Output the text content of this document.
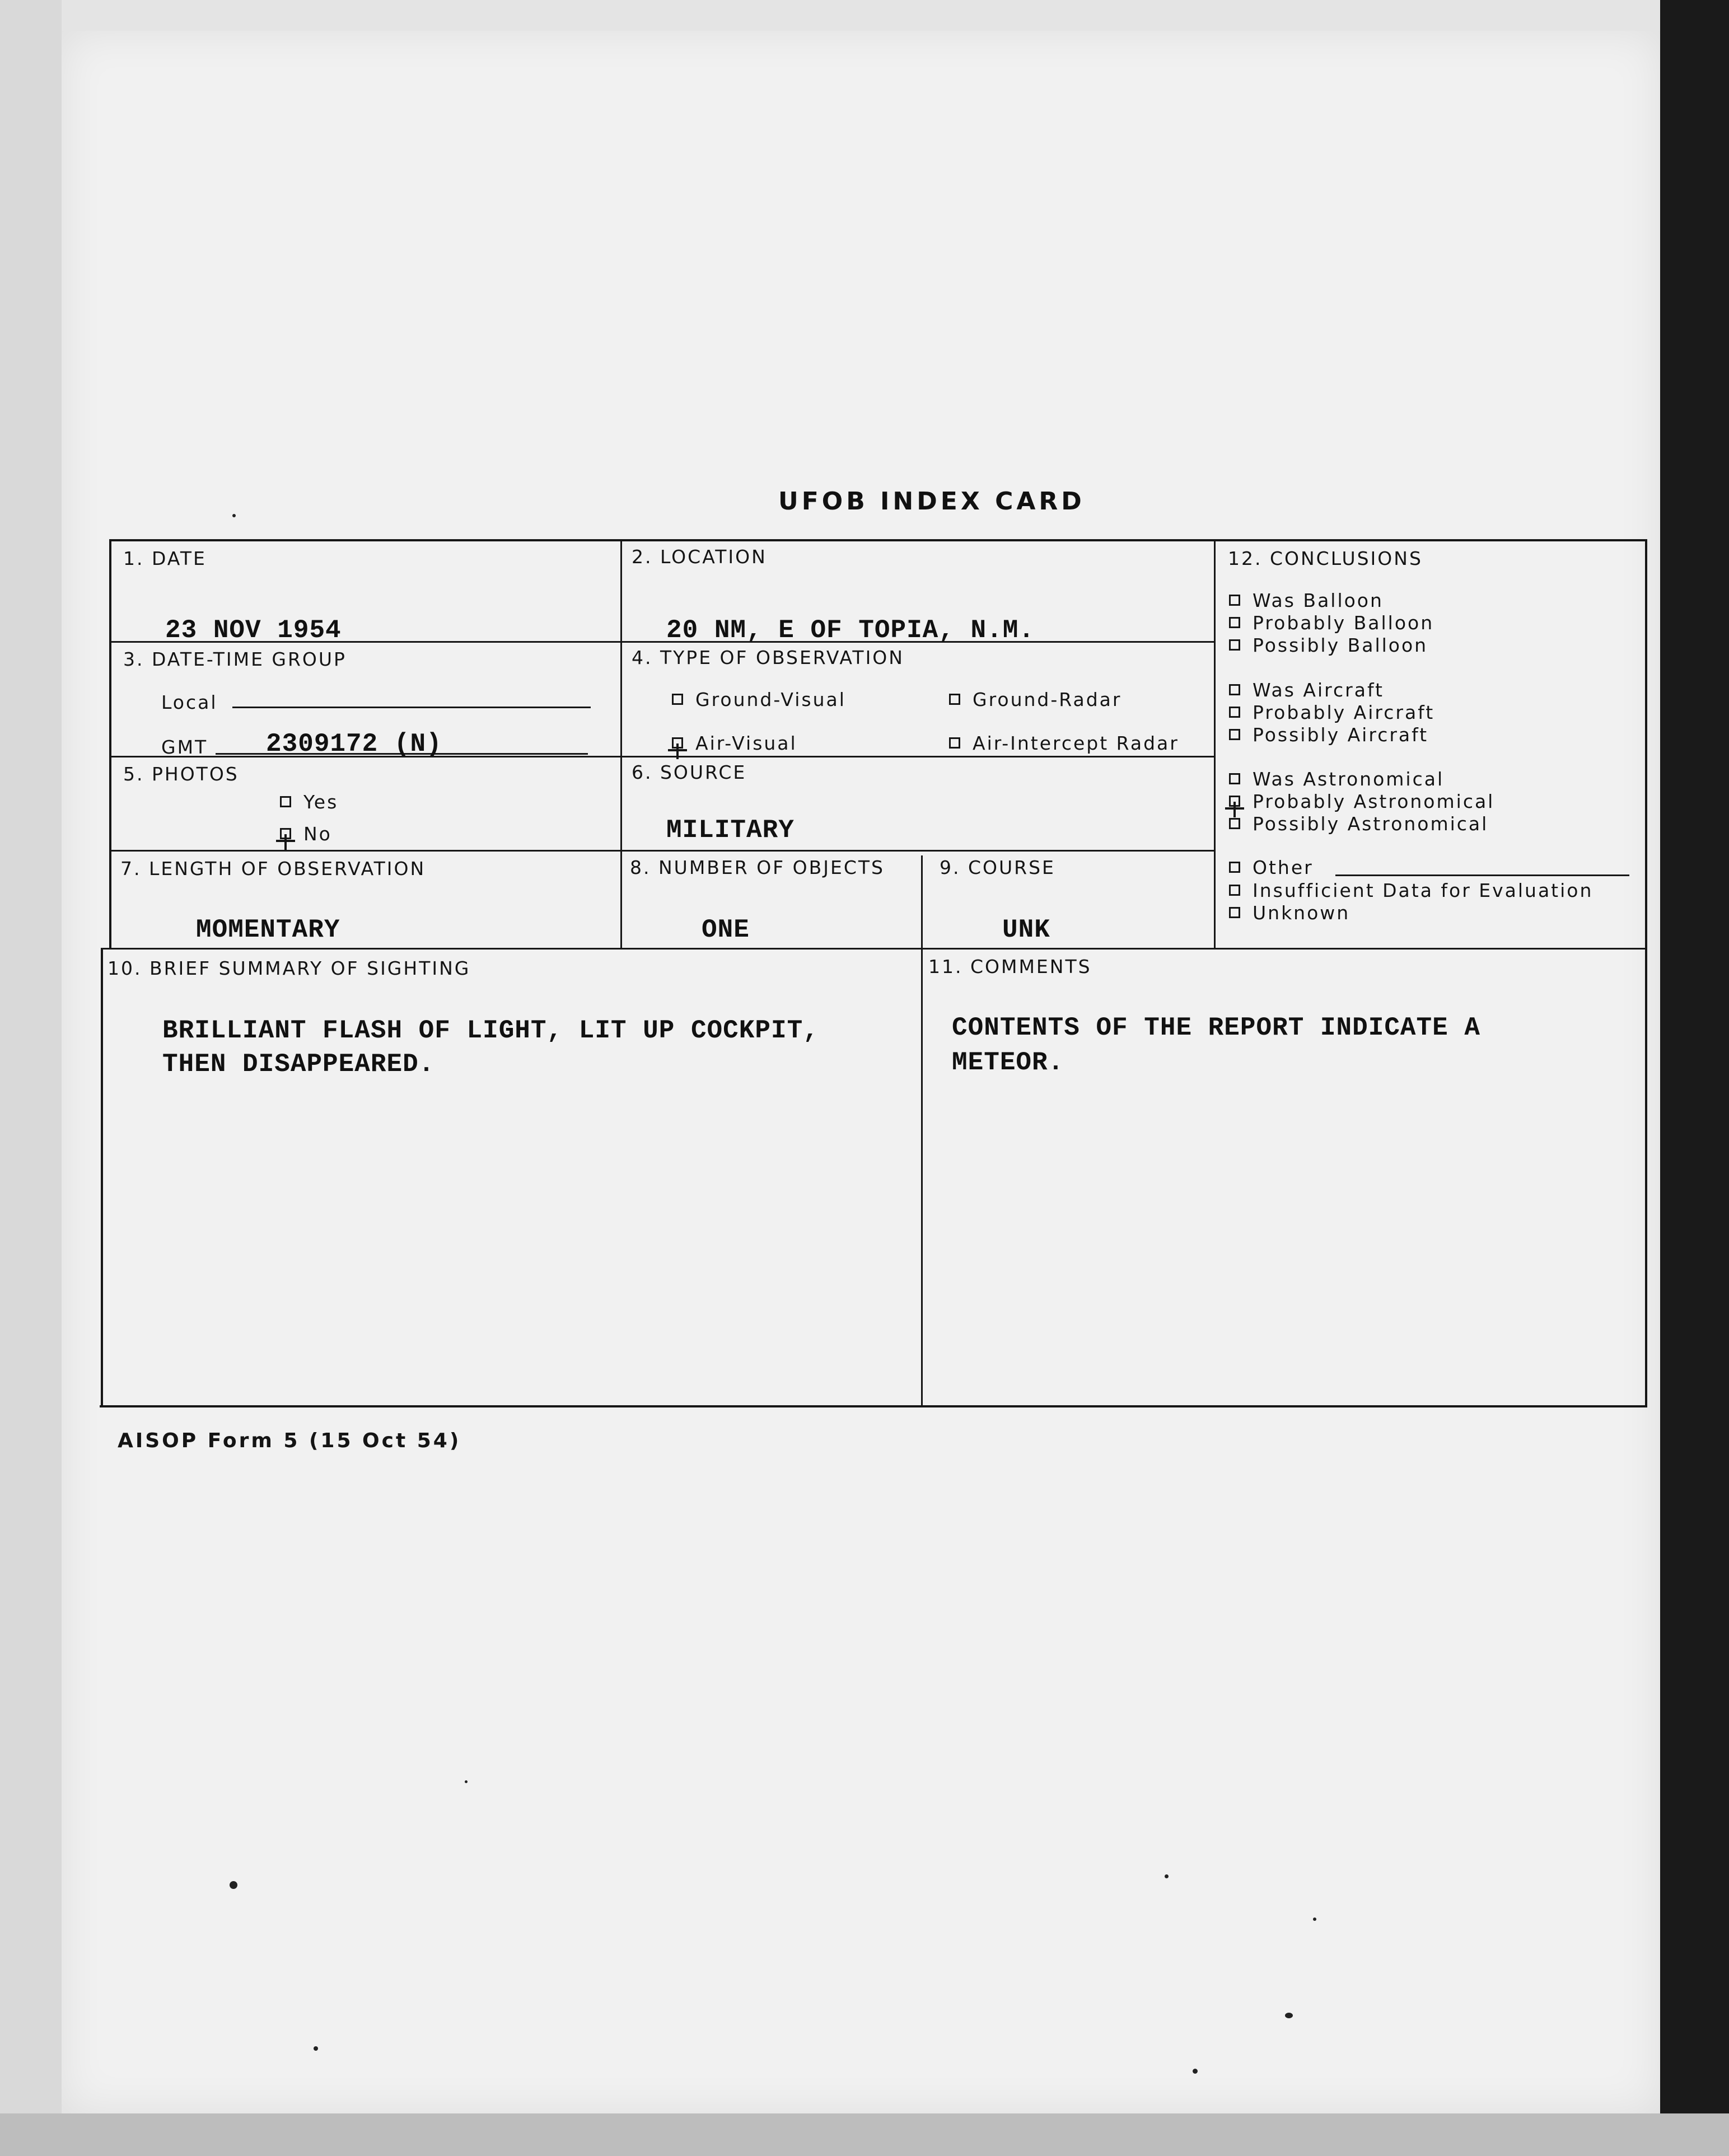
UFOB INDEX CARD
1. DATE
23 NOV 1954
2. LOCATION
20 NM, E OF TOPIA, N.M.
3. DATE-TIME GROUP
Local
GMT 2309172 (N)
4. TYPE OF OBSERVATION
Ground-Visual	Ground-Radar
Air-Visual	Air-Intercept Radar
5. PHOTOS
Yes
No
6. SOURCE
MILITARY
7. LENGTH OF OBSERVATION
MOMENTARY
8. NUMBER OF OBJECTS
ONE
9. COURSE
UNK
10. BRIEF SUMMARY OF SIGHTING
BRILLIANT FLASH OF LIGHT, LIT UP COCKPIT,
THEN DISAPPEARED.
11. COMMENTS
CONTENTS OF THE REPORT INDICATE A
METEOR.
12. CONCLUSIONS
Was Balloon
Probably Balloon
Possibly Balloon
Was Aircraft
Probably Aircraft
Possibly Aircraft
Was Astronomical
Probably Astronomical
Possibly Astronomical
Other
Insufficient Data for Evaluation
Unknown
AISOP Form 5 (15 Oct 54)
